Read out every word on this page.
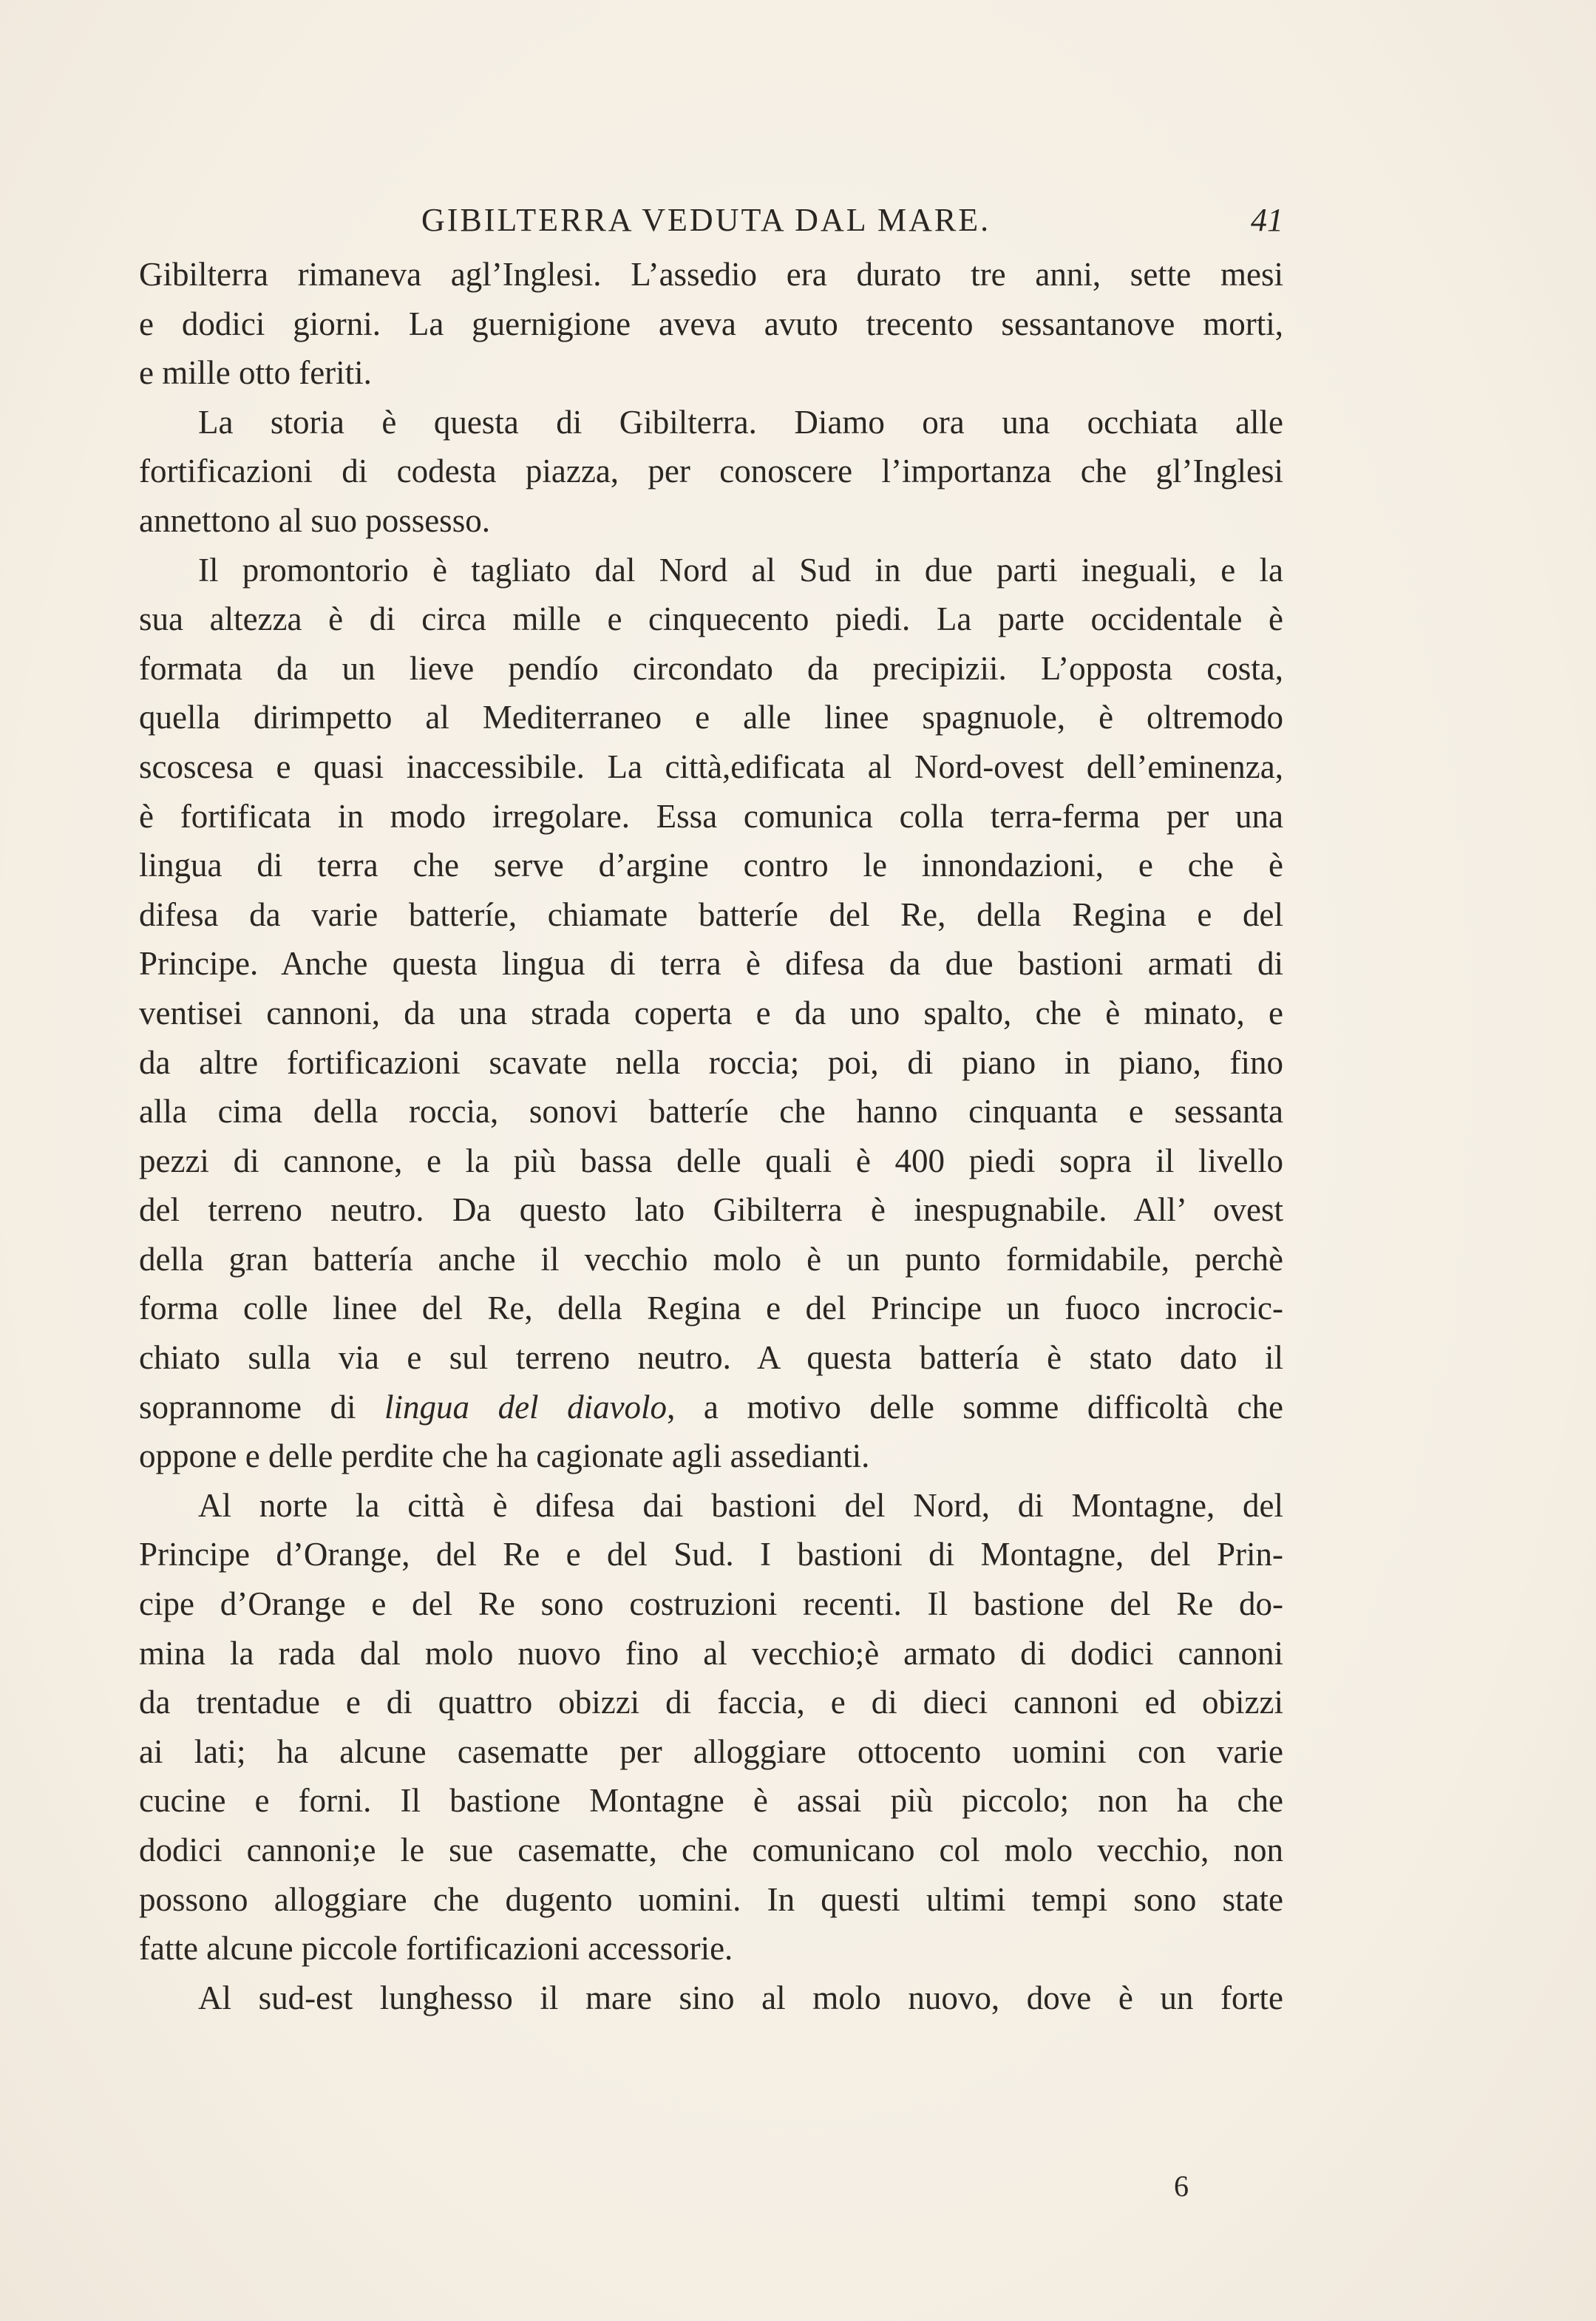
GIBILTERRA VEDUTA DAL MARE.	41
Gibilterra rimaneva agl’Inglesi. L’assedio era durato tre anni, sette mesi
e dodici giorni. La guernigione aveva avuto trecento sessantanove morti,
e mille otto feriti.
La storia è questa di Gibilterra. Diamo ora una occhiata alle
fortificazioni di codesta piazza, per conoscere l’importanza che gl’Inglesi
annettono al suo possesso.
Il promontorio è tagliato dal Nord al Sud in due parti ineguali, e la
sua altezza è di circa mille e cinquecento piedi. La parte occidentale è
formata da un lieve pendío circondato da precipizii. L’opposta costa,
quella dirimpetto al Mediterraneo e alle linee spagnuole, è oltremodo
scoscesa e quasi inaccessibile. La città,edificata al Nord-ovest dell’eminenza,
è fortificata in modo irregolare. Essa comunica colla terra-ferma per una
lingua di terra che serve d’argine contro le innondazioni, e che è
difesa da varie batteríe, chiamate batteríe del Re, della Regina e del
Principe. Anche questa lingua di terra è difesa da due bastioni armati di
ventisei cannoni, da una strada coperta e da uno spalto, che è minato, e
da altre fortificazioni scavate nella roccia; poi, di piano in piano, fino
alla cima della roccia, sonovi batteríe che hanno cinquanta e sessanta
pezzi di cannone, e la più bassa delle quali è 400 piedi sopra il livello
del terreno neutro. Da questo lato Gibilterra è inespugnabile. All’ ovest
della gran battería anche il vecchio molo è un punto formidabile, perchè
forma colle linee del Re, della Regina e del Principe un fuoco incrocic-
chiato sulla via e sul terreno neutro. A questa battería è stato dato il
soprannome di lingua del diavolo, a motivo delle somme difficoltà che
oppone e delle perdite che ha cagionate agli assedianti.
Al norte la città è difesa dai bastioni del Nord, di Montagne, del
Principe d’Orange, del Re e del Sud. I bastioni di Montagne, del Prin-
cipe d’Orange e del Re sono costruzioni recenti. Il bastione del Re do-
mina la rada dal molo nuovo fino al vecchio;è armato di dodici cannoni
da trentadue e di quattro obizzi di faccia, e di dieci cannoni ed obizzi
ai lati; ha alcune casematte per alloggiare ottocento uomini con varie
cucine e forni. Il bastione Montagne è assai più piccolo; non ha che
dodici cannoni;e le sue casematte, che comunicano col molo vecchio, non
possono alloggiare che dugento uomini. In questi ultimi tempi sono state
fatte alcune piccole fortificazioni accessorie.
Al sud-est lunghesso il mare sino al molo nuovo, dove è un forte
6
